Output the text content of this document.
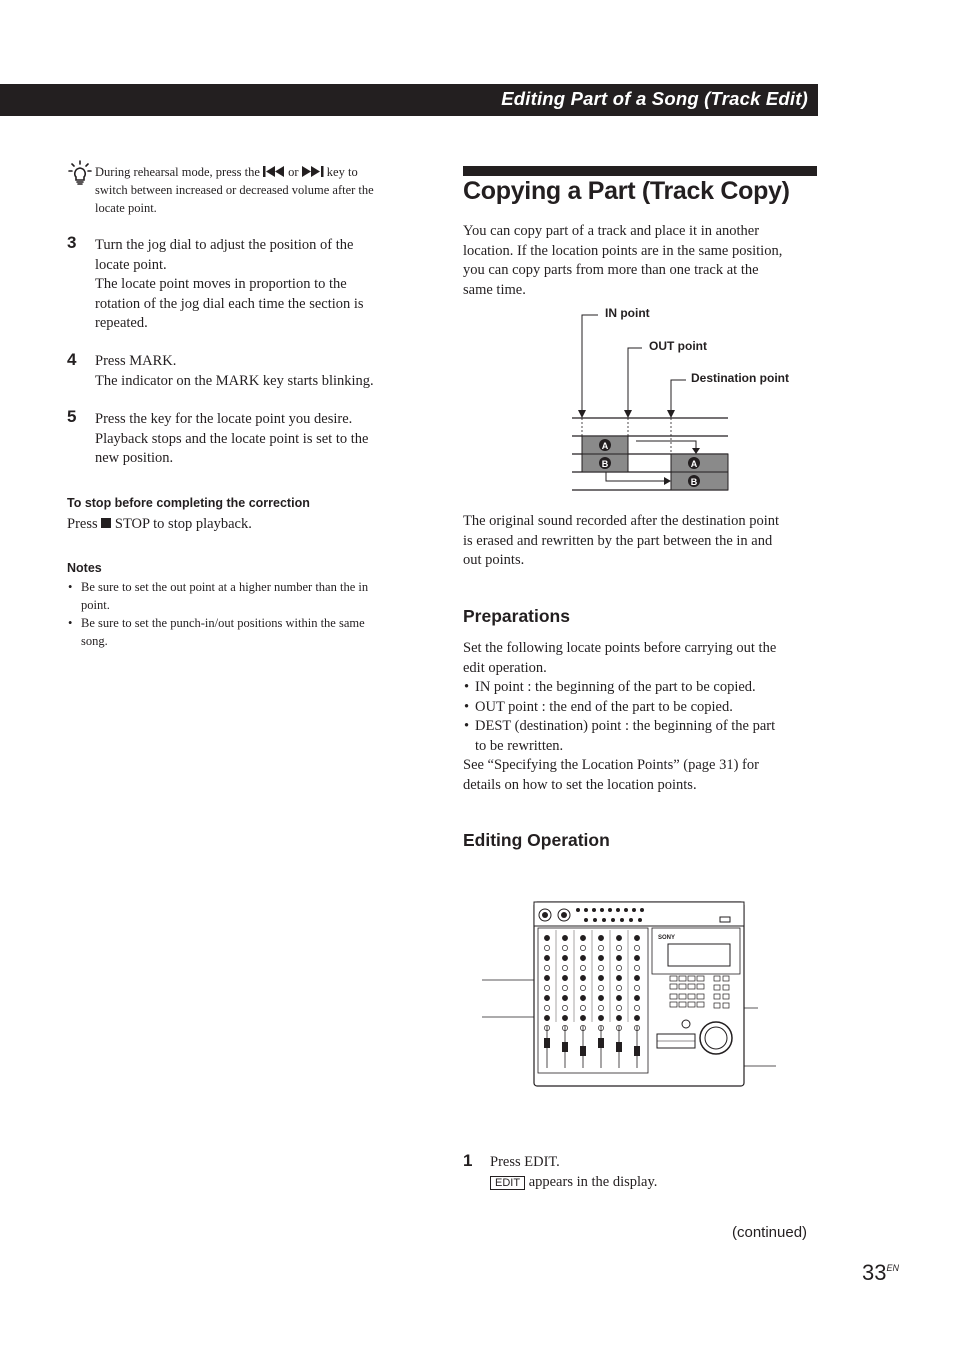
Editing Part of a Song (Track Edit)
During rehearsal mode, press the or key to
switch between increased or decreased volume after the
locate point.
3 Turn the jog dial to adjust the position of the
locate point.
The locate point moves in proportion to the
rotation of the jog dial each time the section is
repeated.
4 Press MARK.
The indicator on the MARK key starts blinking.
5 Press the key for the locate point you desire.
Playback stops and the locate point is set to the
new position.
To stop before completing the correction
Press STOP to stop playback.
Notes
• Be sure to set the out point at a higher number than the in
point.
• Be sure to set the punch-in/out positions within the same
song.
Copying a Part (Track Copy)
You can copy part of a track and place it in another
location. If the location points are in the same position,
you can copy parts from more than one track at the
same time.
A
B	A
B
IN point
OUT point
Destination point
The original sound recorded after the destination point
is erased and rewritten by the part between the in and
out points.
Preparations
Set the following locate points before carrying out the
edit operation.
• IN point : the beginning of the part to be copied.
• OUT point : the end of the part to be copied.
• DEST (destination) point : the beginning of the part
to be rewritten.
See “Specifying the Location Points” (page 31) for
details on how to set the location points.
Editing Operation
SONY
1 Press EDIT.
EDIT appears in the display.
(continued)
$33^{EN}$
